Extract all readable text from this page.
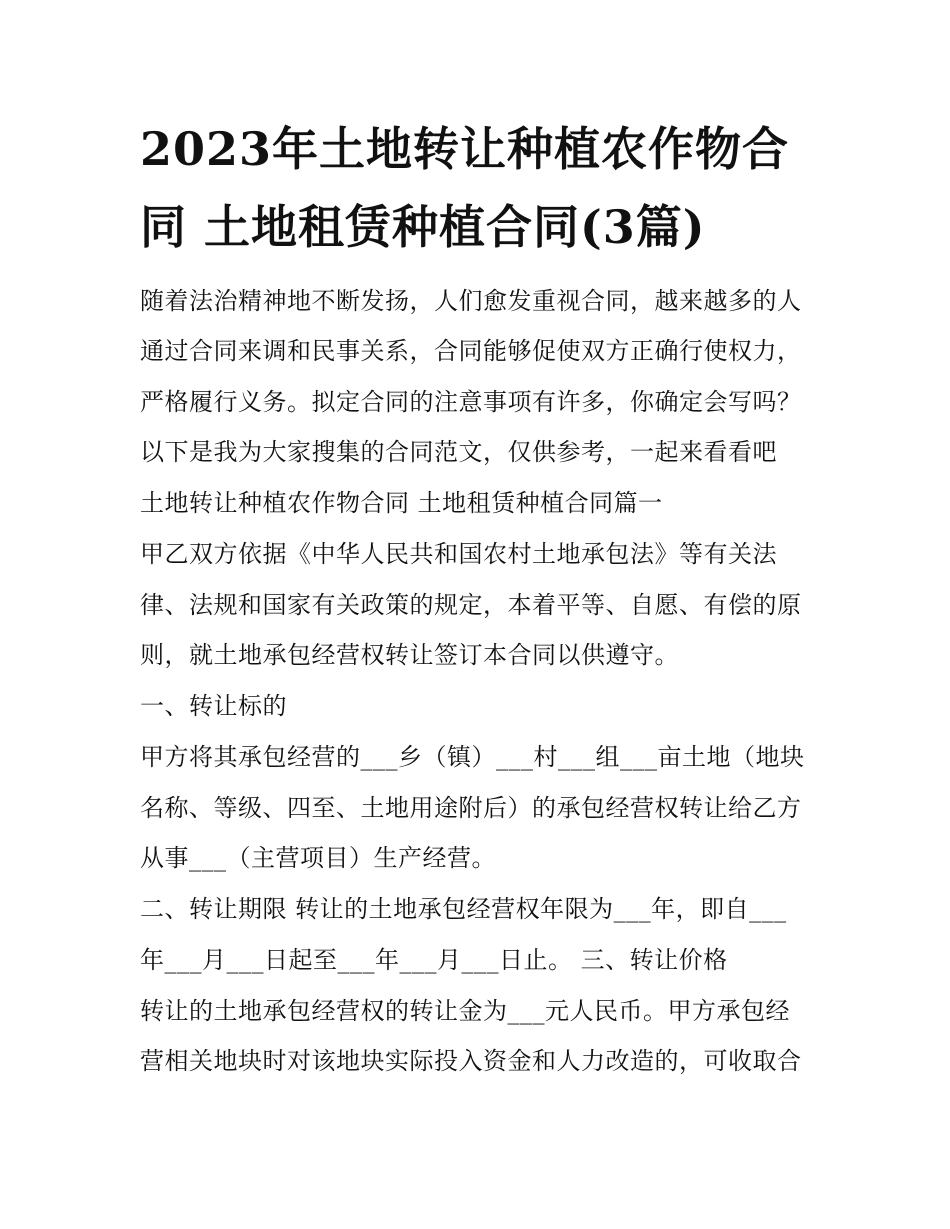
2023年土地转让种植农作物合
同 土地租赁种植合同(3篇)

随着法治精神地不断发扬，人们愈发重视合同，越来越多的人

通过合同来调和民事关系，合同能够促使双方正确行使权力，

严格履行义务。拟定合同的注意事项有许多，你确定会写吗？

以下是我为大家搜集的合同范文，仅供参考，一起来看看吧

土地转让种植农作物合同 土地租赁种植合同篇一

甲乙双方依据《中华人民共和国农村土地承包法》等有关法

律、法规和国家有关政策的规定，本着平等、自愿、有偿的原

则，就土地承包经营权转让签订本合同以供遵守。

一、转让标的

甲方将其承包经营的___乡（镇）___村___组___亩土地（地块

名称、等级、四至、土地用途附后）的承包经营权转让给乙方

从事___（主营项目）生产经营。

二、转让期限 转让的土地承包经营权年限为___年，即自___

年___月___日起至___年___月___日止。 三、转让价格

转让的土地承包经营权的转让金为___元人民币。甲方承包经

营相关地块时对该地块实际投入资金和人力改造的，可收取合
